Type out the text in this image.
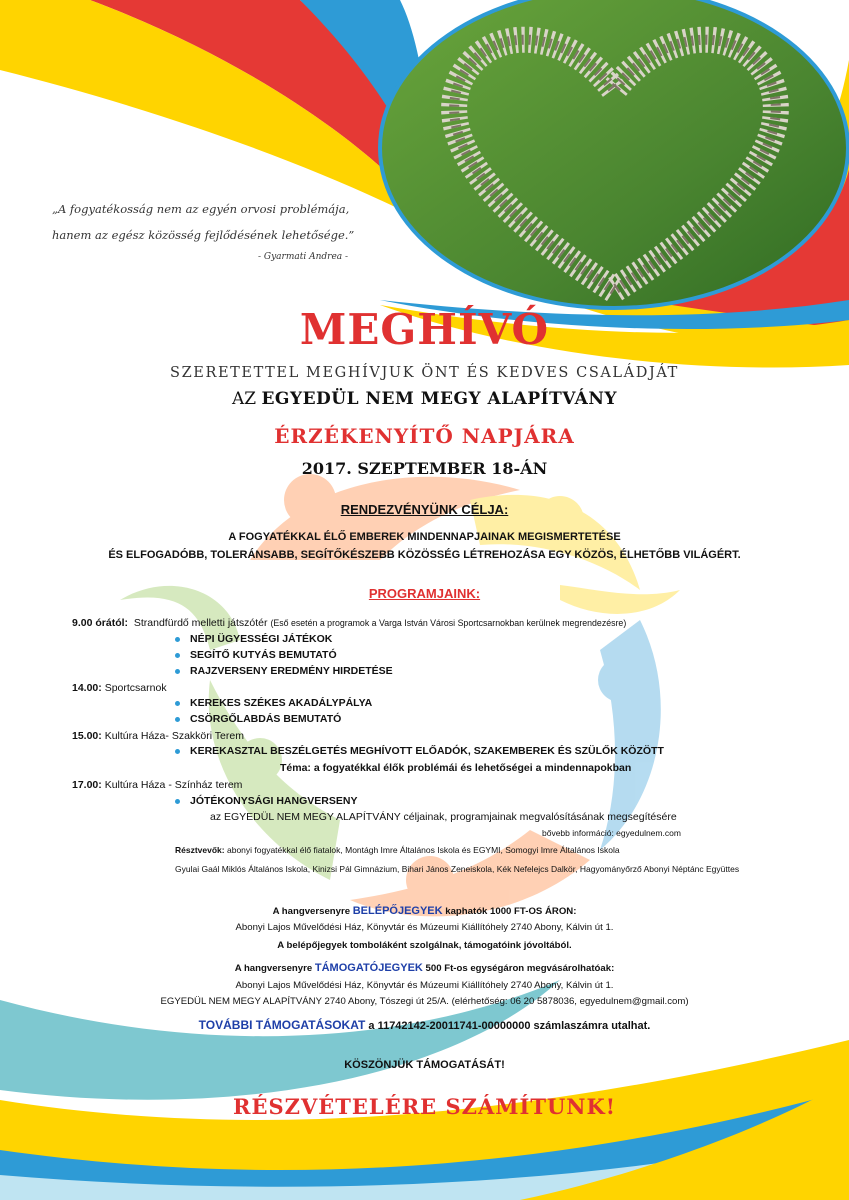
„A fogyatékosság nem az egyén orvosi problémája,
hanem az egész közösség fejlődésének lehetősége.”
- Gyarmati Andrea -
MEGHÍVÓ
SZERETETTEL MEGHÍVJUK ÖNT ÉS KEDVES CSALÁDJÁT
AZ EGYEDÜL NEM MEGY ALAPÍTVÁNY
ÉRZÉKENYÍTŐ NAPJÁRA
2017. SZEPTEMBER 18-ÁN
RENDEZVÉNYÜNK CÉLJA:
A FOGYATÉKKAL ÉLŐ EMBEREK MINDENNAPJAINAK MEGISMERTETÉSE
ÉS ELFOGADÓBB, TOLERÁNSABB, SEGÍTŐKÉSZEBB KÖZÖSSÉG LÉTREHOZÁSA EGY KÖZÖS, ÉLHETŐBB VILÁGÉRT.
PROGRAMJAINK:
9.00 órától: Strandfürdő melletti játszótér (Eső esetén a programok a Varga István Városi Sportcsarnokban kerülnek megrendezésre)
NÉPI ÜGYESSÉGI JÁTÉKOK
SEGÍTŐ KUTYÁS BEMUTATÓ
RAJZVERSENY EREDMÉNY HIRDETÉSE
14.00: Sportcsarnok
KEREKES SZÉKES AKADÁLYPÁLYA
CSÖRGŐLABDÁS BEMUTATÓ
15.00: Kultúra Háza- Szakköri Terem
KEREKASZTAL BESZÉLGETÉS MEGHÍVOTT ELŐADÓK, SZAKEMBEREK ÉS SZÜLŐK KÖZÖTT
Téma: a fogyatékkal élők problémái és lehetőségei a mindennapokban
17.00: Kultúra Háza - Színház terem
JÓTÉKONYSÁGI HANGVERSENY
az EGYEDÜL NEM MEGY ALAPÍTVÁNY céljainak, programjainak megvalósításának megsegítésére
bővebb információ: egyedulnem.com
Résztvevők: abonyi fogyatékkal élő fiatalok, Montágh Imre Általános Iskola és EGYMI, Somogyi Imre Általános Iskola
Gyulai Gaál Miklós Általános Iskola, Kinizsi Pál Gimnázium, Bihari János Zeneiskola, Kék Nefelejcs Dalkör, Hagyományőrző Abonyi Néptánc Együttes
A hangversenyre BELÉPŐJEGYEK kaphatók 1000 FT-OS ÁRON:
Abonyi Lajos Művelődési Ház, Könyvtár és Múzeumi Kiállítóhely 2740 Abony, Kálvin út 1.
A belépőjegyek tomboláként szolgálnak, támogatóink jóvoltából.
A hangversenyre TÁMOGATÓJEGYEK 500 Ft-os egységáron megvásárolhatóak:
Abonyi Lajos Művelődési Ház, Könyvtár és Múzeumi Kiállítóhely 2740 Abony, Kálvin út 1.
EGYEDÜL NEM MEGY ALAPÍTVÁNY 2740 Abony, Tószegi út 25/A. (elérhetőség: 06 20 5878036, egyedulnem@gmail.com)
TOVÁBBI TÁMOGATÁSOKAT a 11742142-20011741-00000000 számlaszámra utalhat.
KÖSZÖNJÜK TÁMOGATÁSÁT!
RÉSZVÉTELÉRE SZÁMÍTUNK!
